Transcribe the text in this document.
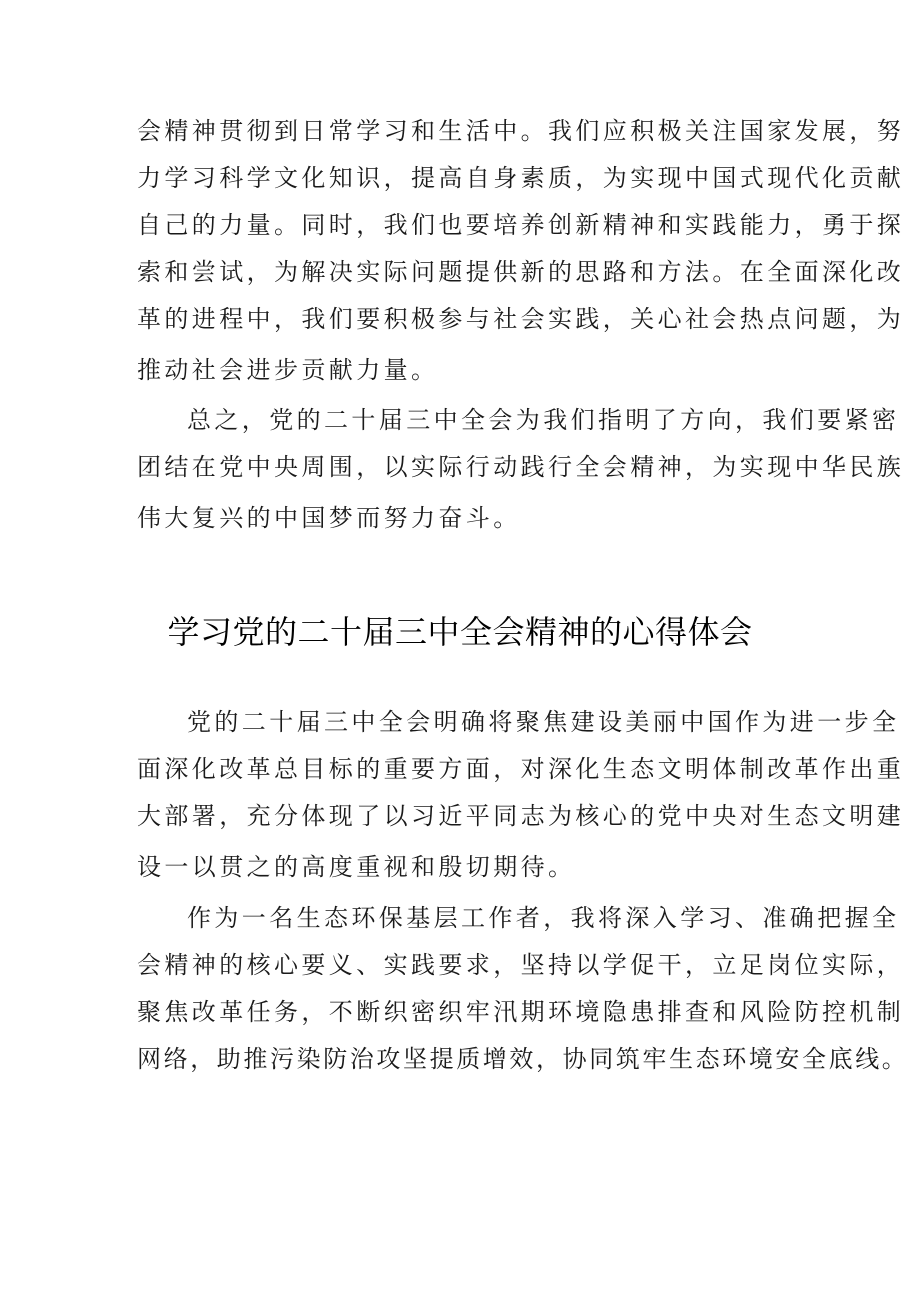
会精神贯彻到日常学习和生活中。我们应积极关注国家发展，努
力学习科学文化知识，提高自身素质，为实现中国式现代化贡献
自己的力量。同时，我们也要培养创新精神和实践能力，勇于探
索和尝试，为解决实际问题提供新的思路和方法。在全面深化改
革的进程中，我们要积极参与社会实践，关心社会热点问题，为
推动社会进步贡献力量。
总之，党的二十届三中全会为我们指明了方向，我们要紧密
团结在党中央周围，以实际行动践行全会精神，为实现中华民族
伟大复兴的中国梦而努力奋斗。
学习党的二十届三中全会精神的心得体会
党的二十届三中全会明确将聚焦建设美丽中国作为进一步全
面深化改革总目标的重要方面，对深化生态文明体制改革作出重
大部署，充分体现了以习近平同志为核心的党中央对生态文明建
设一以贯之的高度重视和殷切期待。
作为一名生态环保基层工作者，我将深入学习、准确把握全
会精神的核心要义、实践要求，坚持以学促干，立足岗位实际，
聚焦改革任务，不断织密织牢汛期环境隐患排查和风险防控机制
网络，助推污染防治攻坚提质增效，协同筑牢生态环境安全底线。
